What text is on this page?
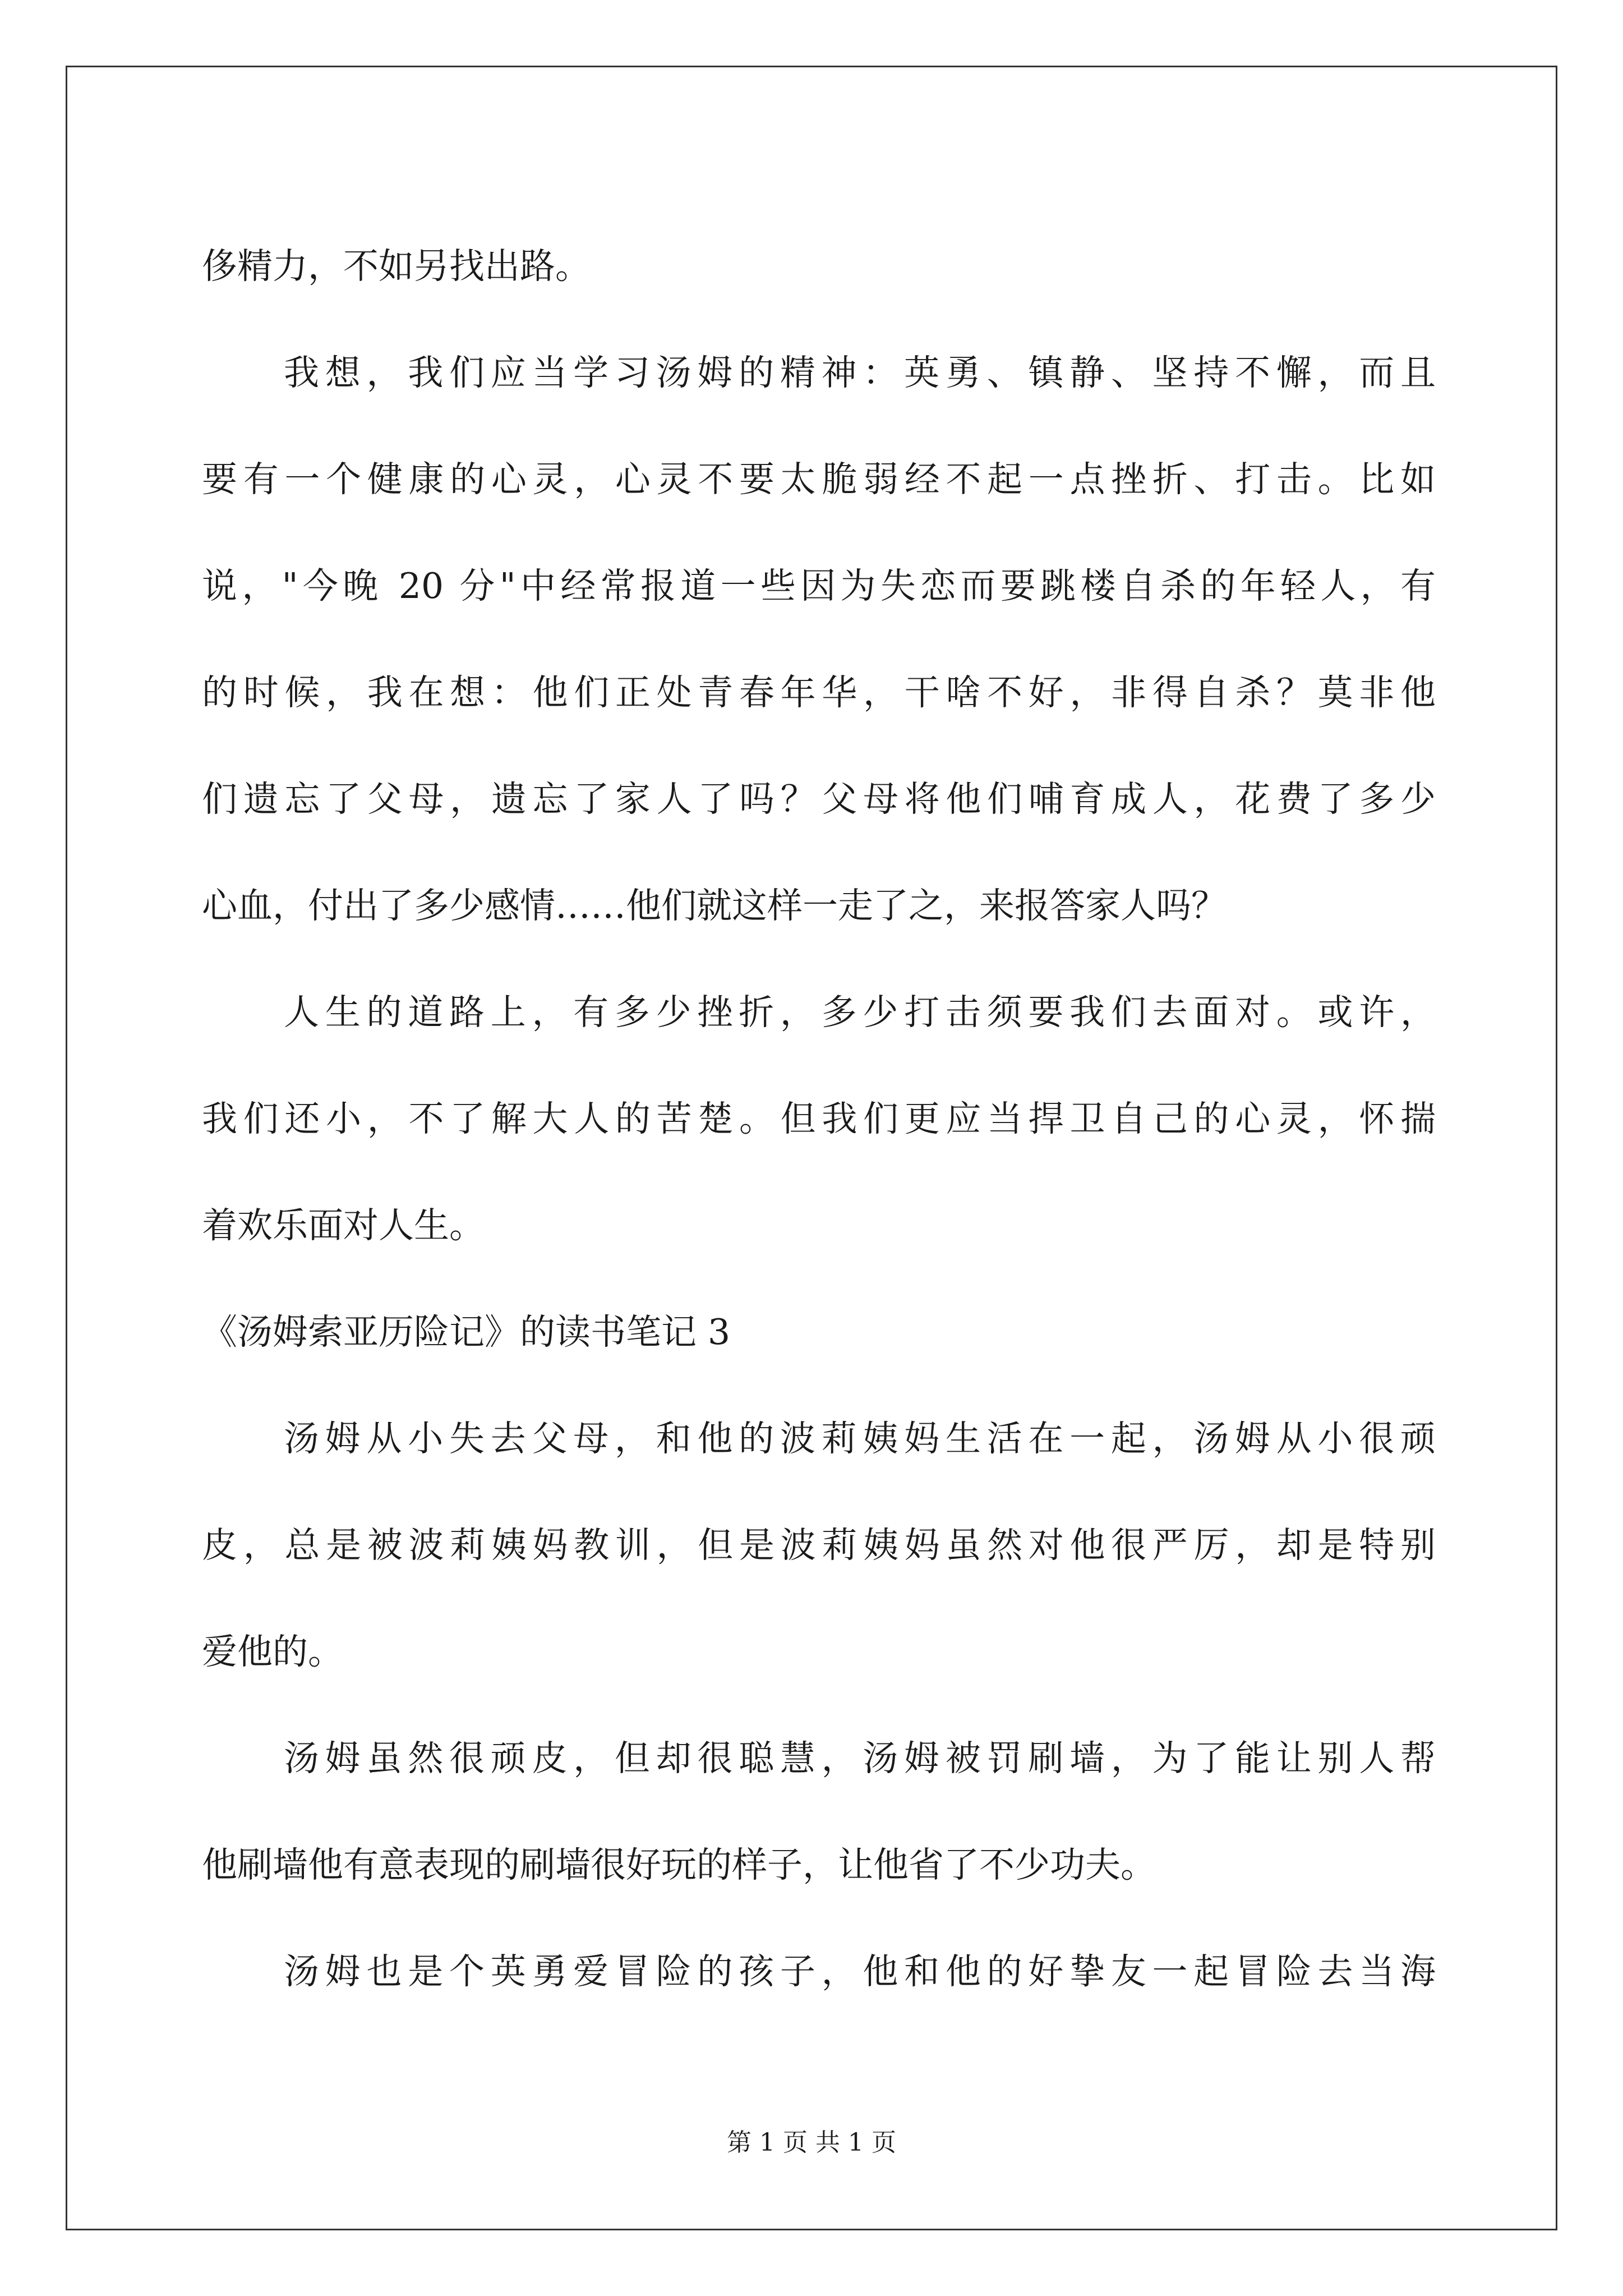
侈精力，不如另找出路。

我想，我们应当学习汤姆的精神：英勇、镇静、坚持不懈，而且

要有一个健康的心灵，心灵不要太脆弱经不起一点挫折、打击。比如

说，"今晚 20 分"中经常报道一些因为失恋而要跳楼自杀的年轻人，有

的时候，我在想：他们正处青春年华，干啥不好，非得自杀？莫非他

们遗忘了父母，遗忘了家人了吗？父母将他们哺育成人，花费了多少

心血，付出了多少感情……他们就这样一走了之，来报答家人吗？

人生的道路上，有多少挫折，多少打击须要我们去面对。或许，

我们还小，不了解大人的苦楚。但我们更应当捍卫自己的心灵，怀揣

着欢乐面对人生。

《汤姆索亚历险记》的读书笔记 3

汤姆从小失去父母，和他的波莉姨妈生活在一起，汤姆从小很顽

皮，总是被波莉姨妈教训，但是波莉姨妈虽然对他很严厉，却是特别

爱他的。

汤姆虽然很顽皮，但却很聪慧，汤姆被罚刷墙，为了能让别人帮

他刷墙他有意表现的刷墙很好玩的样子，让他省了不少功夫。

汤姆也是个英勇爱冒险的孩子，他和他的好挚友一起冒险去当海

第 1 页 共 1 页
